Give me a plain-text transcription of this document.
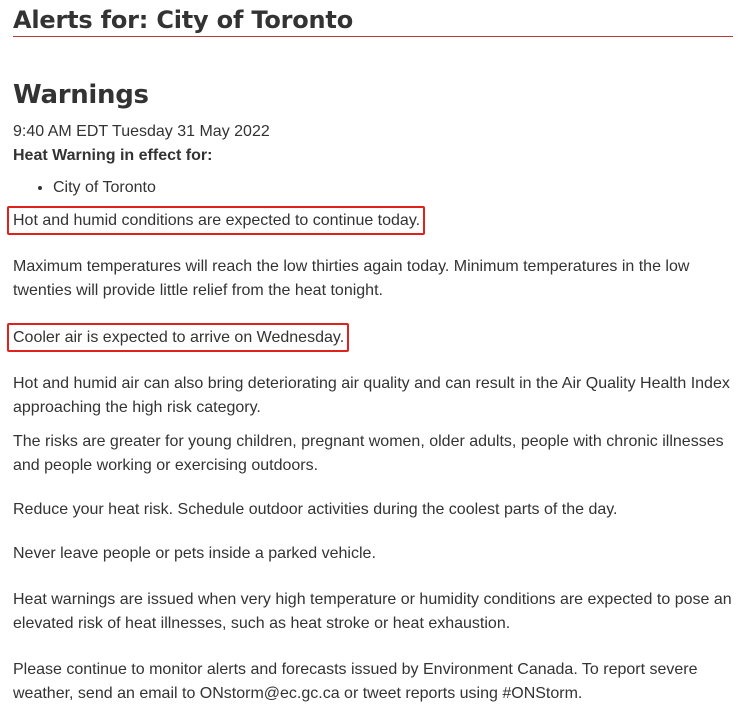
Alerts for: City of Toronto
Warnings

9:40 AM EDT Tuesday 31 May 2022

Heat Warning in effect for:

• City of Toronto

Hot and humid conditions are expected to continue today.

Maximum temperatures will reach the low thirties again today. Minimum temperatures in the low twenties will provide little relief from the heat tonight.

Cooler air is expected to arrive on Wednesday.

Hot and humid air can also bring deteriorating air quality and can result in the Air Quality Health Index approaching the high risk category.

The risks are greater for young children, pregnant women, older adults, people with chronic illnesses and people working or exercising outdoors.

Reduce your heat risk. Schedule outdoor activities during the coolest parts of the day.

Never leave people or pets inside a parked vehicle.

Heat warnings are issued when very high temperature or humidity conditions are expected to pose an elevated risk of heat illnesses, such as heat stroke or heat exhaustion.

Please continue to monitor alerts and forecasts issued by Environment Canada. To report severe weather, send an email to ONstorm@ec.gc.ca or tweet reports using #ONStorm.
